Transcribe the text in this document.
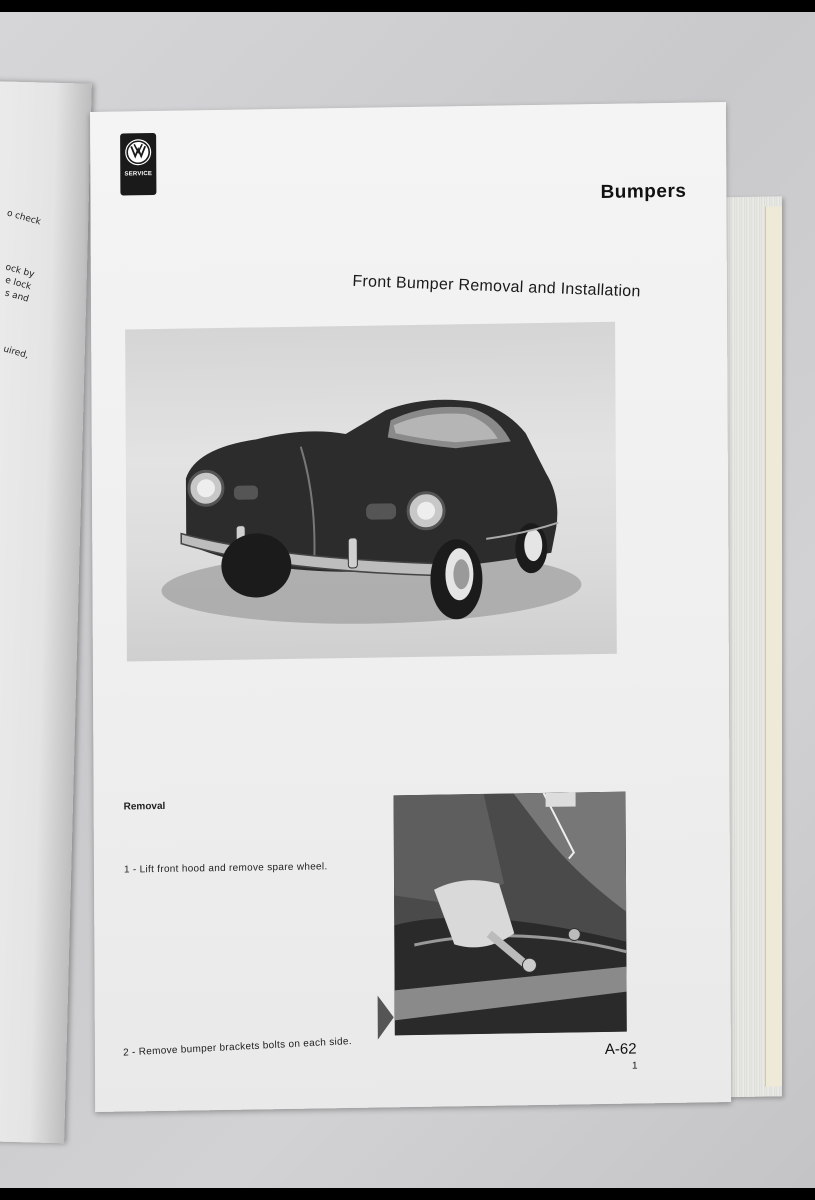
o check
ock by
e lock
s and
uired,
SERVICE
Bumpers
Front Bumper Removal and Installation
Removal
1 - Lift front hood and remove spare wheel.
2 - Remove bumper brackets bolts on each side.	A-62
1
